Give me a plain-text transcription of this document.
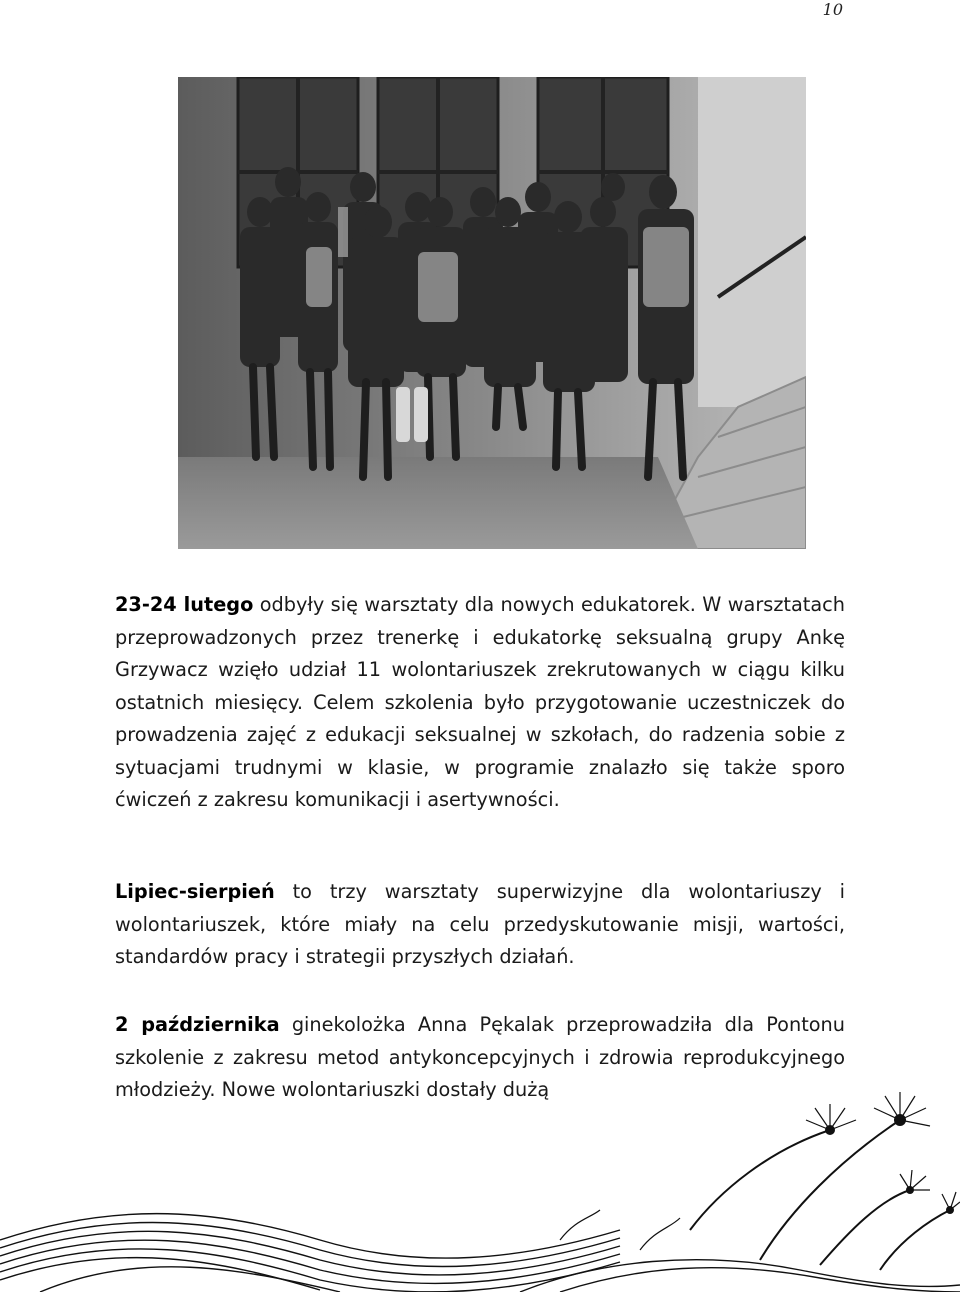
10

23-24 lutego odbyły się warsztaty dla nowych edukatorek. W warsztatach przeprowadzonych przez trenerkę i edukatorkę seksualną grupy Ankę Grzywacz wzięło udział 11 wolontariuszek zrekrutowanych w ciągu kilku ostatnich miesięcy. Celem szkolenia było przygotowanie uczestniczek do prowadzenia zajęć z edukacji seksualnej w szkołach, do radzenia sobie z sytuacjami trudnymi w klasie, w programie znalazło się także sporo ćwiczeń z zakresu komunikacji i asertywności.

Lipiec-sierpień to trzy warsztaty superwizyjne dla wolontariuszy i wolontariuszek, które miały na celu przedyskutowanie misji, wartości, standardów pracy i strategii przyszłych działań.

2 października ginekolożka Anna Pękalak przeprowadziła dla Pontonu szkolenie z zakresu metod antykoncepcyjnych i zdrowia reprodukcyjnego młodzieży. Nowe wolontariuszki dostały dużą
